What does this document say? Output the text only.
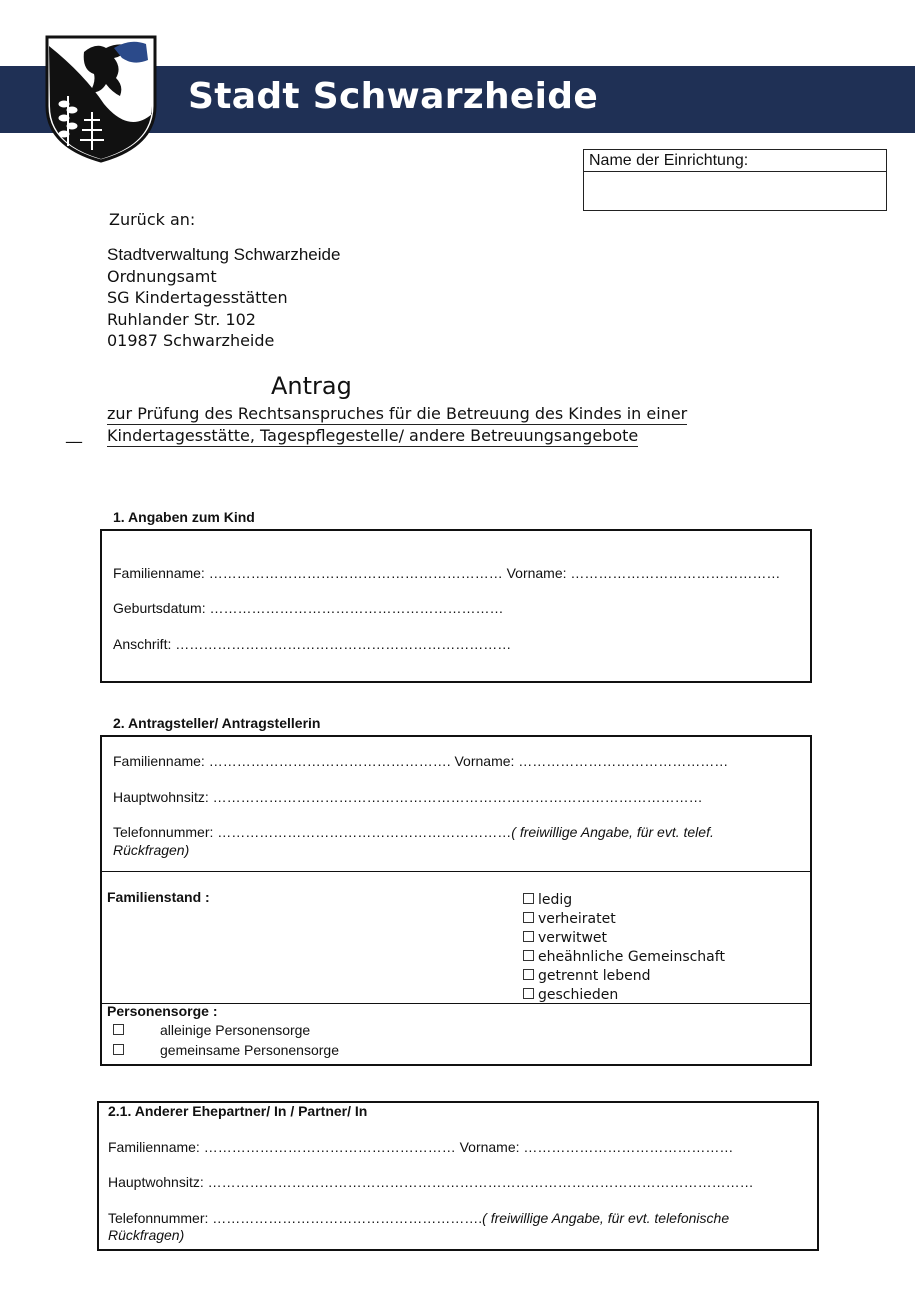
Stadt Schwarzheide
Name der Einrichtung:
Zurück an:
Stadtverwaltung Schwarzheide
Ordnungsamt
SG Kindertagesstätten
Ruhlander Str. 102
01987 Schwarzheide
Antrag
zur Prüfung des Rechtsanspruches für die Betreuung des Kindes in einer
Kindertagesstätte, Tagespflegestelle/ andere Betreuungsangebote
__
1. Angaben zum Kind
Familienname: ……………………………………………………… Vorname: ………………………………………
Geburtsdatum: ………………………………………………………
Anschrift: ………………………………………………………………
2. Antragsteller/ Antragstellerin
Familienname: ……………………………………………. Vorname: ………………………………………
Hauptwohnsitz: ……………………………………………………………………………………………
Telefonnummer: ………………………………………………………( freiwillige Angabe, für evt. telef.
Rückfragen)
Familienstand :	ledig
verheiratet
verwitwet
eheähnliche Gemeinschaft
getrennt lebend
geschieden
Personensorge :
alleinige Personensorge
gemeinsame Personensorge
2.1. Anderer Ehepartner/ In / Partner/ In
Familienname: ……………………………………………… Vorname: ………………………………………
Hauptwohnsitz: ………………………………………………………………………………………………………
Telefonnummer: ………………………………………………….( freiwillige Angabe, für evt. telefonische
Rückfragen)
